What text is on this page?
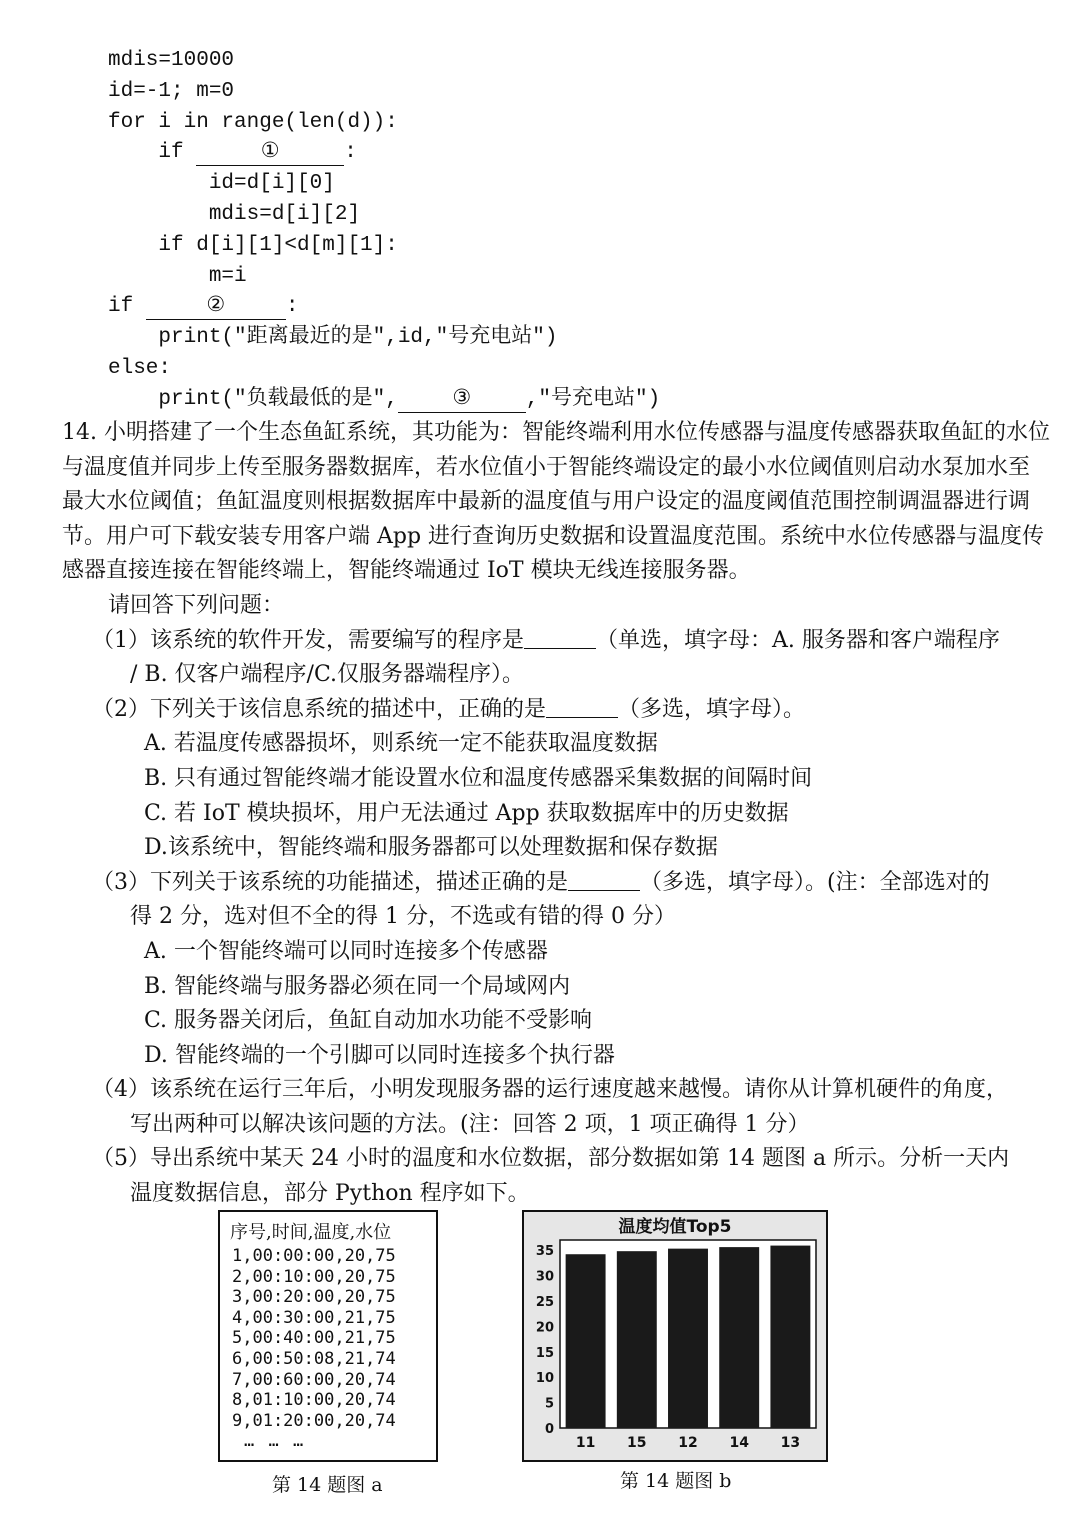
mdis=10000
id=-1; m=0
for i in range(len(d)):
if	①	:
id=d[i][0]
mdis=d[i][2]
if d[i][1]<d[m][1]:
m=i
if	②	:
print("距离最近的是",id,"号充电站")
else:
print("负载最低的是",	③	,"号充电站")

14. 小明搭建了一个生态鱼缸系统，其功能为：智能终端利用水位传感器与温度传感器获取鱼缸的水位与温度值并同步上传至服务器数据库，若水位值小于智能终端设定的最小水位阈值则启动水泵加水至最大水位阈值；鱼缸温度则根据数据库中最新的温度值与用户设定的温度阈值范围控制调温器进行调节。用户可下载安装专用客户端 App 进行查询历史数据和设置温度范围。系统中水位传感器与温度传感器直接连接在智能终端上，智能终端通过 IoT 模块无线连接服务器。

请回答下列问题：

（1）该系统的软件开发，需要编写的程序是	（单选，填字母：A. 服务器和客户端程序

/ B. 仅客户端程序/C.仅服务器端程序）。

（2）下列关于该信息系统的描述中，正确的是	（多选，填字母）。

A. 若温度传感器损坏，则系统一定不能获取温度数据

B. 只有通过智能终端才能设置水位和温度传感器采集数据的间隔时间

C. 若 IoT 模块损坏，用户无法通过 App 获取数据库中的历史数据

D.该系统中，智能终端和服务器都可以处理数据和保存数据

（3）下列关于该系统的功能描述，描述正确的是	（多选，填字母）。(注：全部选对的

得 2 分，选对但不全的得 1 分，不选或有错的得 0 分）

A. 一个智能终端可以同时连接多个传感器

B. 智能终端与服务器必须在同一个局域网内

C. 服务器关闭后，鱼缸自动加水功能不受影响

D. 智能终端的一个引脚可以同时连接多个执行器

（4）该系统在运行三年后，小明发现服务器的运行速度越来越慢。请你从计算机硬件的角度，

写出两种可以解决该问题的方法。(注：回答 2 项，1 项正确得 1 分）

（5）导出系统中某天 24 小时的温度和水位数据，部分数据如第 14 题图 a 所示。分析一天内

温度数据信息，部分 Python 程序如下。

序号,时间,温度,水位
1,00:00:00,20,75
2,00:10:00,20,75
3,00:20:00,20,75
4,00:30:00,21,75
5,00:40:00,21,75
6,00:50:08,21,74
7,00:60:00,20,74
8,01:10:00,20,74
9,01:20:00,20,74
… … …
第 14 题图 a
温度均值Top5
0
5
10
15
20
25
30
35
11 15 12 14 13
第 14 题图 b
